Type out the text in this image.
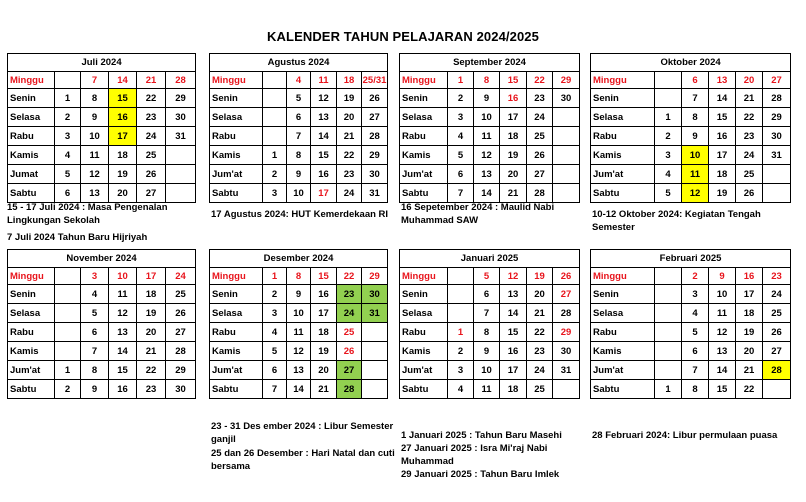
KALENDER TAHUN PELAJARAN 2024/2025
Juli 2024					
Minggu		7	14	21	28
Senin	1	8	15	22	29
Selasa	2	9	16	23	30
Rabu	3	10	17	24	31
Kamis	4	11	18	25	
Jumat	5	12	19	26	
Sabtu	6	13	20	27	
Agustus 2024					
Minggu		4	11	18	25/31
Senin		5	12	19	26
Selasa		6	13	20	27
Rabu		7	14	21	28
Kamis	1	8	15	22	29
Jum'at	2	9	16	23	30
Sabtu	3	10	17	24	31
September 2024					
Minggu	1	8	15	22	29
Senin	2	9	16	23	30
Selasa	3	10	17	24	
Rabu	4	11	18	25	
Kamis	5	12	19	26	
Jum'at	6	13	20	27	
Sabtu	7	14	21	28	
Oktober 2024					
Minggu		6	13	20	27
Senin		7	14	21	28
Selasa	1	8	15	22	29
Rabu	2	9	16	23	30
Kamis	3	10	17	24	31
Jum'at	4	11	18	25	
Sabtu	5	12	19	26	
15 - 17 Juli 2024 : Masa Pengenalan Lingkungan Sekolah
7 Juli 2024 Tahun Baru Hijriyah
17 Agustus 2024: HUT Kemerdekaan RI
16 Sepetember 2024 : Maulid Nabi Muhammad SAW
10-12 Oktober 2024: Kegiatan Tengah Semester
November 2024					
Minggu		3	10	17	24
Senin		4	11	18	25
Selasa		5	12	19	26
Rabu		6	13	20	27
Kamis		7	14	21	28
Jum'at	1	8	15	22	29
Sabtu	2	9	16	23	30
Desember 2024					
Minggu	1	8	15	22	29
Senin	2	9	16	23	30
Selasa	3	10	17	24	31
Rabu	4	11	18	25	
Kamis	5	12	19	26	
Jum'at	6	13	20	27	
Sabtu	7	14	21	28	
Januari 2025					
Minggu		5	12	19	26
Senin		6	13	20	27
Selasa		7	14	21	28
Rabu	1	8	15	22	29
Kamis	2	9	16	23	30
Jum'at	3	10	17	24	31
Sabtu	4	11	18	25	
Februari 2025					
Minggu		2	9	16	23
Senin		3	10	17	24
Selasa		4	11	18	25
Rabu		5	12	19	26
Kamis		6	13	20	27
Jum'at		7	14	21	28
Sabtu	1	8	15	22	
23 - 31 Des ember 2024 : Libur Semester ganjil
25 dan 26 Desember : Hari Natal dan cuti bersama
1 Januari 2025 : Tahun Baru Masehi
27 Januari 2025 : Isra Mi'raj Nabi Muhammad
29 Januari 2025 : Tahun Baru Imlek
28 Februari 2024: Libur permulaan puasa
